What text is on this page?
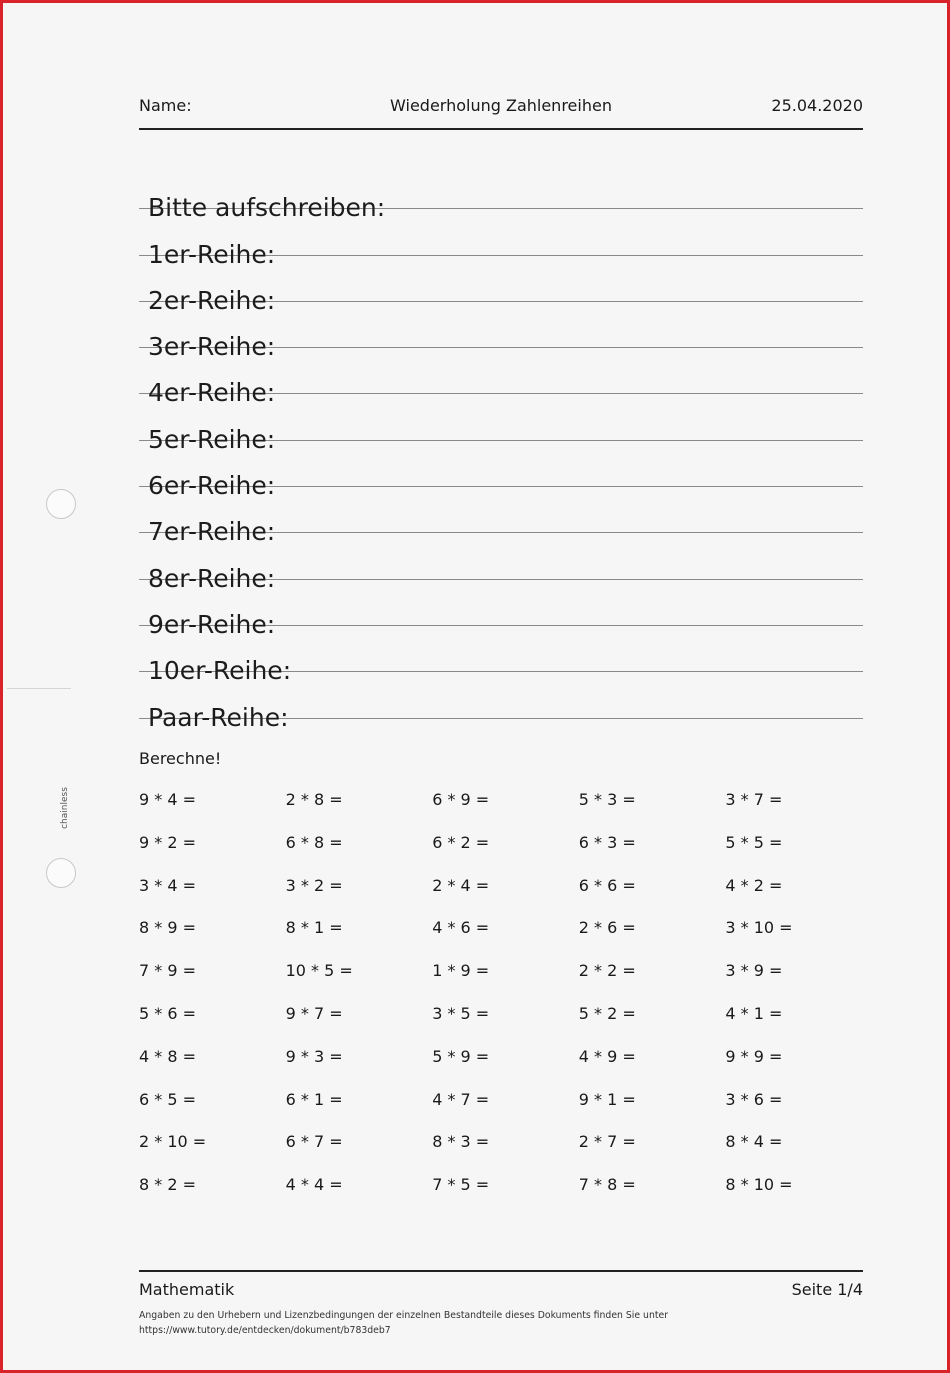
Name:	Wiederholung Zahlenreihen	25.04.2020
Bitte aufschreiben:
1er-Reihe:
2er-Reihe:
3er-Reihe:
4er-Reihe:
5er-Reihe:
6er-Reihe:
7er-Reihe:
8er-Reihe:
9er-Reihe:
10er-Reihe:
Paar-Reihe:
chainless
Berechne!
9 * 4 =	2 * 8 =	6 * 9 =	5 * 3 =	3 * 7 =
9 * 2 =	6 * 8 =	6 * 2 =	6 * 3 =	5 * 5 =
3 * 4 =	3 * 2 =	2 * 4 =	6 * 6 =	4 * 2 =
8 * 9 =	8 * 1 =	4 * 6 =	2 * 6 =	3 * 10 =
7 * 9 =	10 * 5 =	1 * 9 =	2 * 2 =	3 * 9 =
5 * 6 =	9 * 7 =	3 * 5 =	5 * 2 =	4 * 1 =
4 * 8 =	9 * 3 =	5 * 9 =	4 * 9 =	9 * 9 =
6 * 5 =	6 * 1 =	4 * 7 =	9 * 1 =	3 * 6 =
2 * 10 =	6 * 7 =	8 * 3 =	2 * 7 =	8 * 4 =
8 * 2 =	4 * 4 =	7 * 5 =	7 * 8 =	8 * 10 =
Mathematik	Seite 1/4
Angaben zu den Urhebern und Lizenzbedingungen der einzelnen Bestandteile dieses Dokuments finden Sie unter
https://www.tutory.de/entdecken/dokument/b783deb7
